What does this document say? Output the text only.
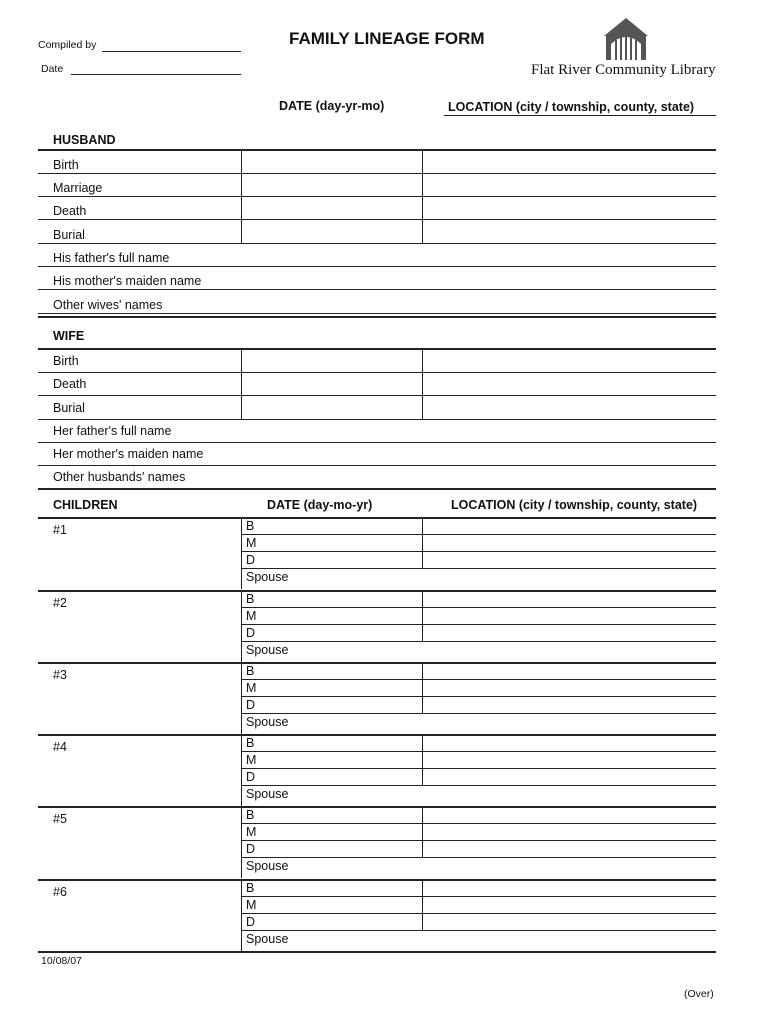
Compiled by
Date
FAMILY LINEAGE FORM
Flat River Community Library
DATE (day-yr-mo)	LOCATION (city / township, county, state)
HUSBAND
Birth
Marriage
Death
Burial
His father's full name
His mother's maiden name
Other wives' names
WIFE
Birth
Death
Burial
Her father's full name
Her mother's maiden name
Other husbands' names
CHILDREN	DATE (day-mo-yr)	LOCATION (city / township, county, state)
#1	B
M
D
Spouse
#2	B
M
D
Spouse
#3	B
M
D
Spouse
#4	B
M
D
Spouse
#5	B
M
D
Spouse
#6	B
M
D
Spouse
10/08/07
(Over)
